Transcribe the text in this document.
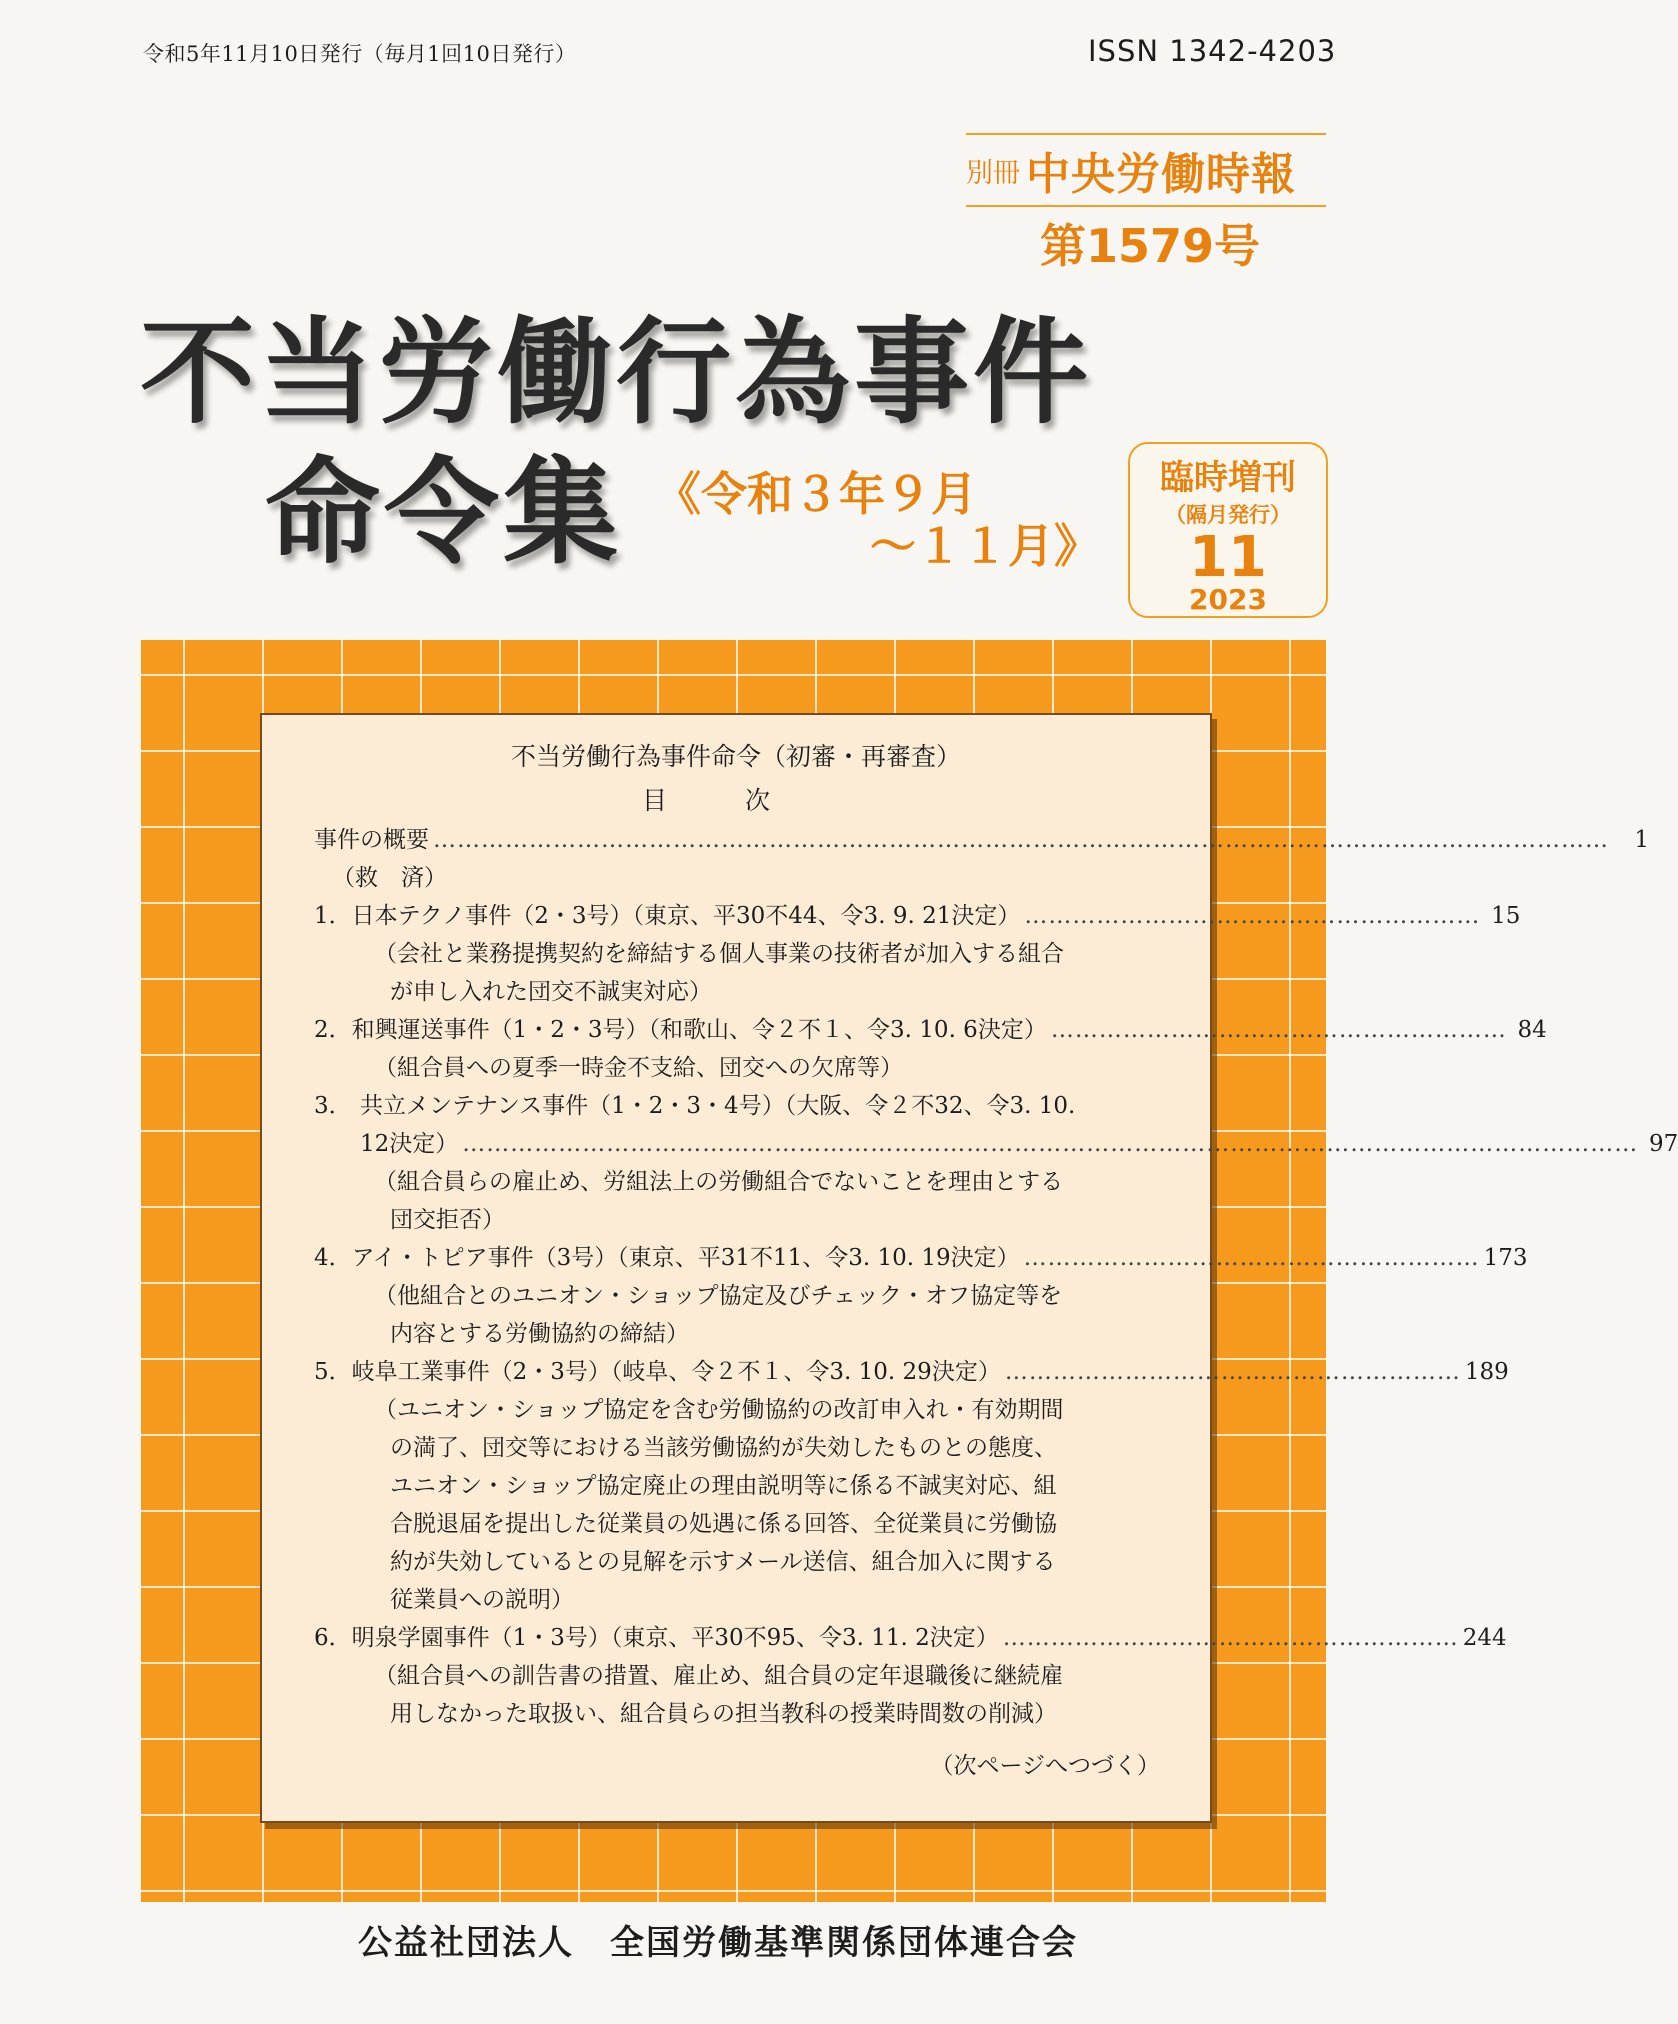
令和5年11月10日発行（毎月1回10日発行）	ISSN 1342-4203
別冊 中央労働時報
第1579号
不当労働行為事件
命令集 《令和３年９月
～１１月》
臨時増刊
（隔月発行）
11
2023
不当労働行為事件命令（初審・再審査）
目次
事件の概要 …………………………………………………………………………………………………………………………………	1
（救　済）
1． 日本テクノ事件（2・3号）（東京、平30不44、令3. 9. 21決定） ………………………………………………… 15
（会社と業務提携契約を締結する個人事業の技術者が加入する組合
が申し入れた団交不誠実対応）
2． 和興運送事件（1・2・3号）（和歌山、令２不１、令3. 10. 6決定） ………………………………………………… 84
（組合員への夏季一時金不支給、団交への欠席等）
3． 共立メンテナンス事件（1・2・3・4号）（大阪、令２不32、令3. 10.
12決定） ………………………………………………………………………………………………………………………………… 97
（組合員らの雇止め、労組法上の労働組合でないことを理由とする
団交拒否）
4． アイ・トピア事件（3号）（東京、平31不11、令3. 10. 19決定） ………………………………………………… 173
（他組合とのユニオン・ショップ協定及びチェック・オフ協定等を
内容とする労働協約の締結）
5． 岐阜工業事件（2・3号）（岐阜、令２不１、令3. 10. 29決定） ………………………………………………… 189
（ユニオン・ショップ協定を含む労働協約の改訂申入れ・有効期間
の満了、団交等における当該労働協約が失効したものとの態度、
ユニオン・ショップ協定廃止の理由説明等に係る不誠実対応、組
合脱退届を提出した従業員の処遇に係る回答、全従業員に労働協
約が失効しているとの見解を示すメール送信、組合加入に関する
従業員への説明）
6． 明泉学園事件（1・3号）（東京、平30不95、令3. 11. 2決定） ………………………………………………… 244
（組合員への訓告書の措置、雇止め、組合員の定年退職後に継続雇
用しなかった取扱い、組合員らの担当教科の授業時間数の削減）
（次ページへつづく）
公益社団法人　全国労働基準関係団体連合会
